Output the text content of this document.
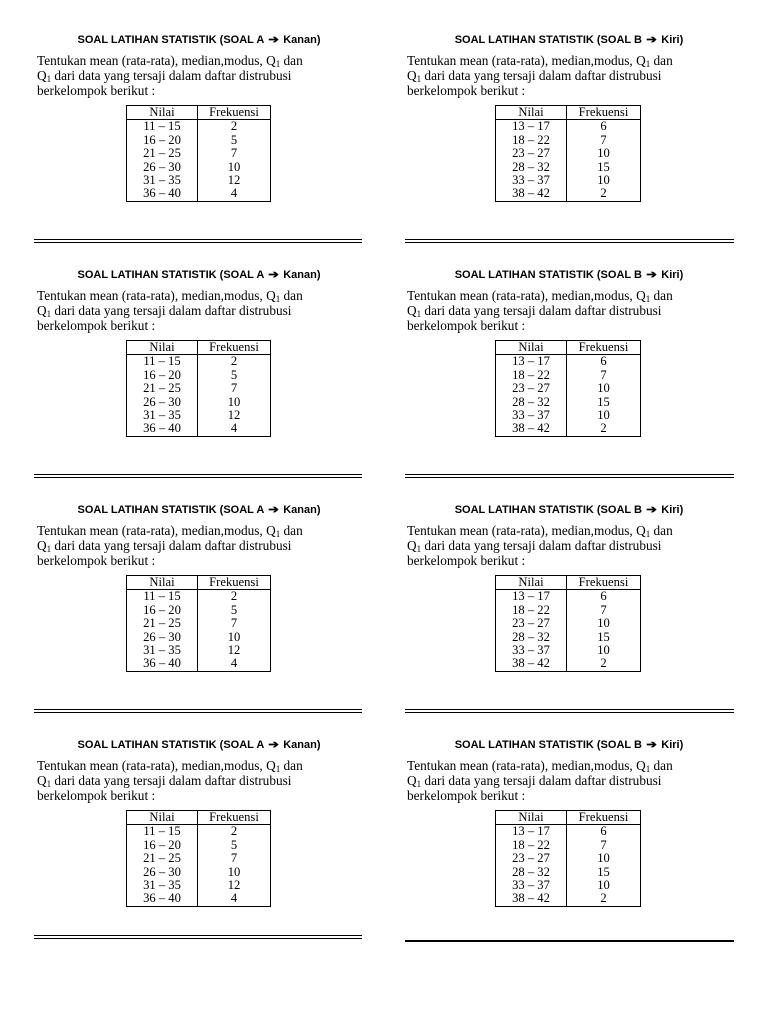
SOAL LATIHAN STATISTIK (SOAL A ➔ Kanan)
Tentukan mean (rata-rata), median,modus, $Q_1$ dan
$Q_1$ dari data yang tersaji dalam daftar distrubusi
berkelompok berikut :
Nilai	Frekuensi
11 – 15	2
16 – 20	5
21 – 25	7
26 – 30	10
31 – 35	12
36 – 40	4
SOAL LATIHAN STATISTIK (SOAL B ➔ Kiri)
Tentukan mean (rata-rata), median,modus, $Q_1$ dan
$Q_1$ dari data yang tersaji dalam daftar distrubusi
berkelompok berikut :
Nilai	Frekuensi
13 – 17	6
18 – 22	7
23 – 27	10
28 – 32	15
33 – 37	10
38 – 42	2
SOAL LATIHAN STATISTIK (SOAL A ➔ Kanan)
Tentukan mean (rata-rata), median,modus, $Q_1$ dan
$Q_1$ dari data yang tersaji dalam daftar distrubusi
berkelompok berikut :
Nilai	Frekuensi
11 – 15	2
16 – 20	5
21 – 25	7
26 – 30	10
31 – 35	12
36 – 40	4
SOAL LATIHAN STATISTIK (SOAL B ➔ Kiri)
Tentukan mean (rata-rata), median,modus, $Q_1$ dan
$Q_1$ dari data yang tersaji dalam daftar distrubusi
berkelompok berikut :
Nilai	Frekuensi
13 – 17	6
18 – 22	7
23 – 27	10
28 – 32	15
33 – 37	10
38 – 42	2
SOAL LATIHAN STATISTIK (SOAL A ➔ Kanan)
Tentukan mean (rata-rata), median,modus, $Q_1$ dan
$Q_1$ dari data yang tersaji dalam daftar distrubusi
berkelompok berikut :
Nilai	Frekuensi
11 – 15	2
16 – 20	5
21 – 25	7
26 – 30	10
31 – 35	12
36 – 40	4
SOAL LATIHAN STATISTIK (SOAL B ➔ Kiri)
Tentukan mean (rata-rata), median,modus, $Q_1$ dan
$Q_1$ dari data yang tersaji dalam daftar distrubusi
berkelompok berikut :
Nilai	Frekuensi
13 – 17	6
18 – 22	7
23 – 27	10
28 – 32	15
33 – 37	10
38 – 42	2
SOAL LATIHAN STATISTIK (SOAL A ➔ Kanan)
Tentukan mean (rata-rata), median,modus, $Q_1$ dan
$Q_1$ dari data yang tersaji dalam daftar distrubusi
berkelompok berikut :
Nilai	Frekuensi
11 – 15	2
16 – 20	5
21 – 25	7
26 – 30	10
31 – 35	12
36 – 40	4
SOAL LATIHAN STATISTIK (SOAL B ➔ Kiri)
Tentukan mean (rata-rata), median,modus, $Q_1$ dan
$Q_1$ dari data yang tersaji dalam daftar distrubusi
berkelompok berikut :
Nilai	Frekuensi
13 – 17	6
18 – 22	7
23 – 27	10
28 – 32	15
33 – 37	10
38 – 42	2
